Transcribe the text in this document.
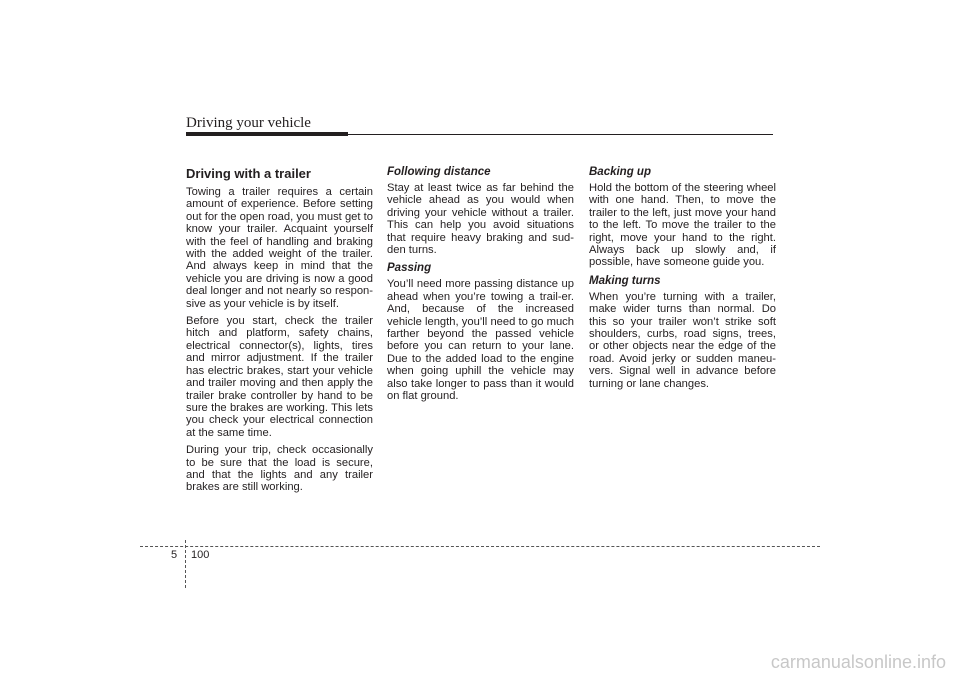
Driving your vehicle
Driving with a trailer

Towing a trailer requires a certain amount of experience. Before setting out for the open road, you must get to know your trailer. Acquaint yourself with the feel of handling and braking with the added weight of the trailer. And always keep in mind that the vehicle you are driving is now a good deal longer and not nearly so respon-sive as your vehicle is by itself.

Before you start, check the trailer hitch and platform, safety chains, electrical connector(s), lights, tires and mirror adjustment. If the trailer has electric brakes, start your vehicle and trailer moving and then apply the trailer brake controller by hand to be sure the brakes are working. This lets you check your electrical connection at the same time.

During your trip, check occasionally to be sure that the load is secure, and that the lights and any trailer brakes are still working.

Following distance

Stay at least twice as far behind the vehicle ahead as you would when driving your vehicle without a trailer. This can help you avoid situations that require heavy braking and sud-den turns.

Passing

You’ll need more passing distance up ahead when you’re towing a trail-er. And, because of the increased vehicle length, you’ll need to go much farther beyond the passed vehicle before you can return to your lane. Due to the added load to the engine when going uphill the vehicle may also take longer to pass than it would on flat ground.

Backing up

Hold the bottom of the steering wheel with one hand. Then, to move the trailer to the left, just move your hand to the left. To move the trailer to the right, move your hand to the right. Always back up slowly and, if possible, have someone guide you.

Making turns

When you’re turning with a trailer, make wider turns than normal. Do this so your trailer won’t strike soft shoulders, curbs, road signs, trees, or other objects near the edge of the road. Avoid jerky or sudden maneu-vers. Signal well in advance before turning or lane changes.

5 100
carmanualsonline.info
